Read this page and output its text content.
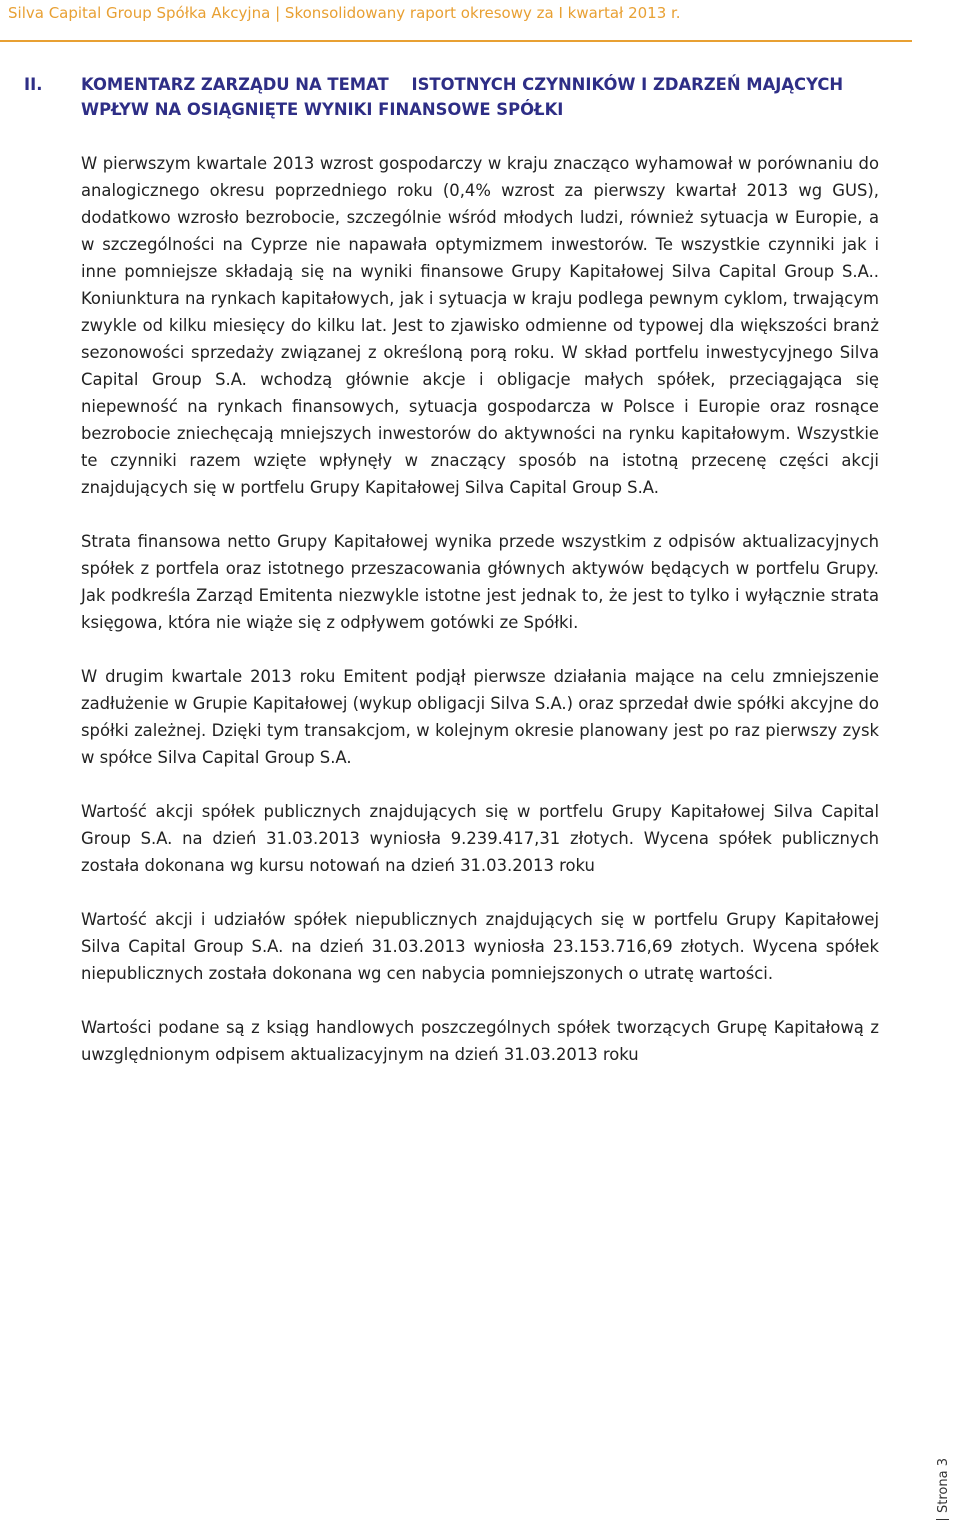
Silva Capital Group Spółka Akcyjna | Skonsolidowany raport okresowy za I kwartał 2013 r.
II. KOMENTARZ ZARZĄDU NA TEMAT    ISTOTNYCH CZYNNIKÓW I ZDARZEŃ MAJĄCYCH
WPŁYW NA OSIĄGNIĘTE WYNIKI FINANSOWE SPÓŁKI

W pierwszym kwartale 2013 wzrost gospodarczy w kraju znacząco wyhamował w porównaniu do analogicznego okresu poprzedniego roku (0,4% wzrost za pierwszy kwartał 2013 wg GUS), dodatkowo wzrosło bezrobocie, szczególnie wśród młodych ludzi, również sytuacja w Europie, a w szczególności na Cyprze nie napawała optymizmem inwestorów. Te wszystkie czynniki jak i inne pomniejsze składają się na wyniki finansowe Grupy Kapitałowej Silva Capital Group S.A.. Koniunktura na rynkach kapitałowych, jak i sytuacja w kraju podlega pewnym cyklom, trwającym zwykle od kilku miesięcy do kilku lat. Jest to zjawisko odmienne od typowej dla większości branż sezonowości sprzedaży związanej z określoną porą roku. W skład portfelu inwestycyjnego Silva Capital Group S.A. wchodzą głównie akcje i obligacje małych spółek, przeciągająca się niepewność na rynkach finansowych, sytuacja gospodarcza w Polsce i Europie oraz rosnące bezrobocie zniechęcają mniejszych inwestorów do aktywności na rynku kapitałowym. Wszystkie te czynniki razem wzięte wpłynęły w znaczący sposób na istotną przecenę części akcji znajdujących się w portfelu Grupy Kapitałowej Silva Capital Group S.A.

Strata finansowa netto Grupy Kapitałowej wynika przede wszystkim z odpisów aktualizacyjnych spółek z portfela oraz istotnego przeszacowania głównych aktywów będących w portfelu Grupy. Jak podkreśla Zarząd Emitenta niezwykle istotne jest jednak to, że jest to tylko i wyłącznie strata księgowa, która nie wiąże się z odpływem gotówki ze Spółki.

W drugim kwartale 2013 roku Emitent podjął pierwsze działania mające na celu zmniejszenie zadłużenie w Grupie Kapitałowej (wykup obligacji Silva S.A.) oraz sprzedał dwie spółki akcyjne do spółki zależnej. Dzięki tym transakcjom, w kolejnym okresie planowany jest po raz pierwszy zysk w spółce Silva Capital Group S.A.

Wartość akcji spółek publicznych znajdujących się w portfelu Grupy Kapitałowej Silva Capital Group S.A. na dzień 31.03.2013 wyniosła 9.239.417,31 złotych. Wycena spółek publicznych została dokonana wg kursu notowań na dzień 31.03.2013 roku

Wartość akcji i udziałów spółek niepublicznych znajdujących się w portfelu Grupy Kapitałowej Silva Capital Group S.A. na dzień 31.03.2013 wyniosła 23.153.716,69 złotych. Wycena spółek niepublicznych została dokonana wg cen nabycia pomniejszonych o utratę wartości.

Wartości podane są z ksiąg handlowych poszczególnych spółek tworzących Grupę Kapitałową z uwzględnionym odpisem aktualizacyjnym na dzień 31.03.2013 roku

Strona 3
